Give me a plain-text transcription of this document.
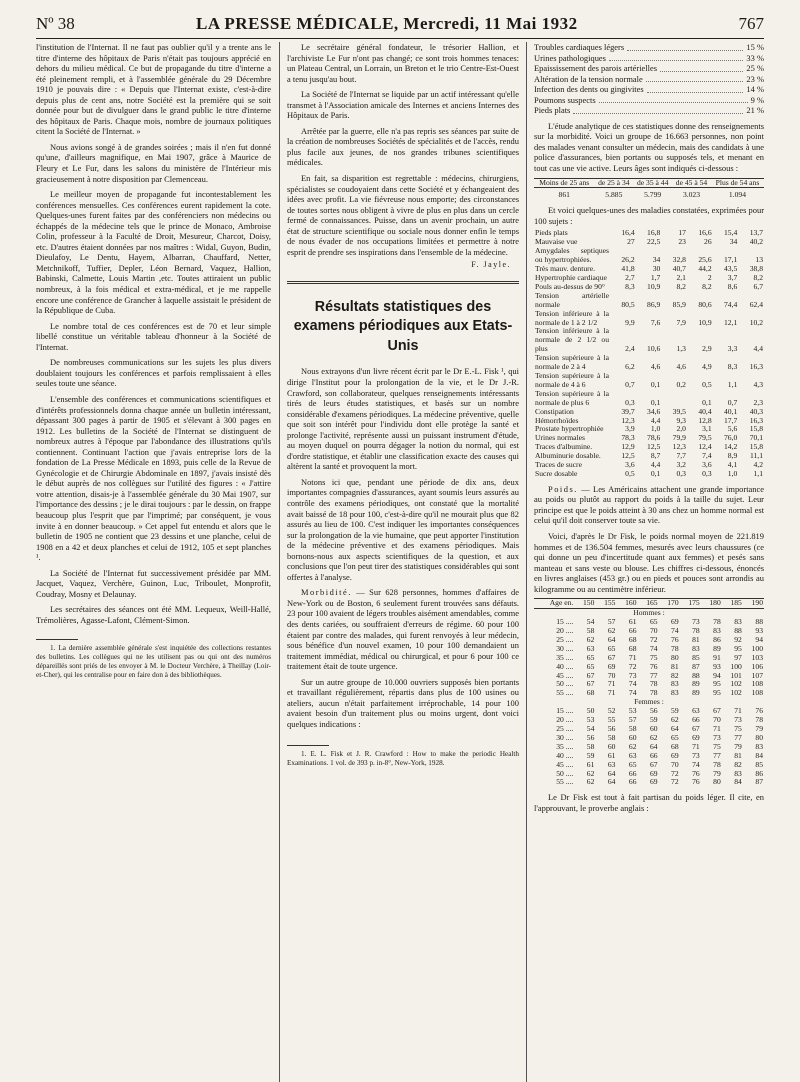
Nº 38	LA PRESSE MÉDICALE, Mercredi, 11 Mai 1932	767

l'institution de l'Internat. Il ne faut pas oublier qu'il y a trente ans le titre d'interne des hôpitaux de Paris n'était pas toujours apprécié en dehors du milieu médical. Ce but de propagande du titre d'interne a été pleinement rempli, et à l'assemblée générale du 29 Décembre 1910 je pouvais dire : « Depuis que l'Internat existe, c'est-à-dire depuis plus de cent ans, notre Société est la première qui se soit donnée pour but de divulguer dans le grand public le titre d'interne des hôpitaux de Paris. Chaque mois, nombre de journaux politiques citent la Société de l'Internat. »

Nous avions songé à de grandes soirées ; mais il n'en fut donné qu'une, d'ailleurs magnifique, en Mai 1907, grâce à Maurice de Fleury et Le Fur, dans les salons du ministère de l'Intérieur mis gracieusement à notre disposition par Clemenceau.

Le meilleur moyen de propagande fut incontestablement les conférences mensuelles. Ces conférences eurent rapidement la cote. Quelques-unes furent faites par des conférenciers non médecins ou échappés de la médecine tels que le prince de Monaco, Ambroise Colin, professeur à la Faculté de Droit, Mesureur, Charcot, Doisy, etc. D'autres étaient données par nos maîtres : Widal, Guyon, Budin, Dieulafoy, Le Dentu, Hayem, Albarran, Chauffard, Netter, Metchnikoff, Tuffier, Depler, Léon Bernard, Vaquez, Hallion, Babinski, Calmette, Louis Martin ,etc. Toutes attiraient un public nombreux, à la fois médical et extra-médical, et je me rappelle encore une conférence de Grancher à laquelle assistait le président de la République de Cuba.

Le nombre total de ces conférences est de 70 et leur simple libellé constitue un véritable tableau d'honneur à la Société de l'Internat.

De nombreuses communications sur les sujets les plus divers doublaient toujours les conférences et parfois remplissaient à elles seules toute une séance.

L'ensemble des conférences et communications scientifiques et d'intérêts professionnels donna chaque année un bulletin intéressant, dépassant 300 pages à partir de 1905 et s'élevant à 300 pages en 1912. Les bulletins de la Société de l'Internat se distinguent de nombreux autres à l'époque par l'abondance des illustrations qu'ils contiennent. Continuant l'action que j'avais entreprise lors de la fondation de La Presse Médicale en 1893, puis celle de la Revue de Gynécologie et de Chirurgie Abdominale en 1897, j'avais insisté dès le début auprès de nos collègues sur l'utilité des figures : « J'attire votre attention, disais-je à l'assemblée générale du 30 Mai 1907, sur l'importance des dessins ; je le dirai toujours : par le dessin, on frappe beaucoup plus l'esprit que par l'imprimé; par conséquent, je vous invite à en donner beaucoup. » Cet appel fut entendu et alors que le bulletin de 1905 ne contient que 23 dessins et une planche, celui de 1908 en a 42 et deux planches et celui de 1912, 105 et sept planches ¹.

La Société de l'Internat fut successivement présidée par MM. Jacquet, Vaquez, Verchère, Guinon, Luc, Triboulet, Monprofit, Coudray, Mosny et Delaunay.

Les secrétaires des séances ont été MM. Lequeux, Weill-Hallé, Trémolières, Agasse-Lafont, Clément-Simon.

1. La dernière assemblée générale s'est inquiétée des collections restantes des bulletins. Les collègues qui ne les utilisent pas ou qui ont des numéros dépareillés sont priés de les envoyer à M. le Docteur Verchère, à Theillay (Loir-et-Cher), qui les centralise pour en faire don à des bibliothèques.

Le secrétaire général fondateur, le trésorier Hallion, et l'archiviste Le Fur n'ont pas changé; ce sont trois hommes tenaces: un Plateau Central, un Lorrain, un Breton et le trio Centre-Est-Ouest a tenu jusqu'au bout.

La Société de l'Internat se liquide par un actif intéressant qu'elle transmet à l'Association amicale des Internes et anciens Internes des Hôpitaux de Paris.

Arrêtée par la guerre, elle n'a pas repris ses séances par suite de la création de nombreuses Sociétés de spécialités et de l'accès, rendu plus facile aux jeunes, de nos grandes tribunes scientifiques médicales.

En fait, sa disparition est regrettable : médecins, chirurgiens, spécialistes se coudoyaient dans cette Société et y échangeaient des idées avec profit. La vie fiévreuse nous emporte; des circonstances de toutes sortes nous obligent à vivre de plus en plus dans un cercle fermé de connaissances. Puisse, dans un avenir prochain, un autre état de structure scientifique ou sociale nous donner enfin le temps de nous évader de nos occupations limitées et permettre à notre esprit de prendre ses inspirations dans l'ensemble de la médecine.

F. Jayle.
Résultats statistiques des examens périodiques aux Etats-Unis

Nous extrayons d'un livre récent écrit par le Dr E.-L. Fisk ¹, qui dirige l'Institut pour la prolongation de la vie, et le Dr J.-R. Crawford, son collaborateur, quelques renseignements intéressants tirés de leurs études statistiques, et basés sur un nombre considérable d'examens périodiques. La médecine préventive, quelle que soit son intérêt pour l'individu dont elle protège la santé et prolonge l'activité, représente aussi un puissant instrument d'étude, au moyen duquel on pourra dégager la notion du normal, qui est d'ordre statistique, et établir une classification exacte des causes qui altèrent la santé et provoquent la mort.

Notons ici que, pendant une période de dix ans, deux importantes compagnies d'assurances, ayant soumis leurs assurés au contrôle des examens périodiques, ont constaté que la mortalité avait baissé de 18 pour 100, c'est-à-dire qu'il ne mourait plus que 82 assurés au lieu de 100. C'est indiquer les importantes conséquences sur la prolongation de la vie humaine, que peut apporter l'institution de la médecine préventive et des examens périodiques. Mais bornons-nous aux aspects scientifiques de la question, et aux conclusions que l'on peut tirer des statistiques considérables qui sont offertes à l'analyse.

Morbidité. — Sur 628 personnes, hommes d'affaires de New-York ou de Boston, 6 seulement furent trouvées sans défauts. 23 pour 100 avaient de légers troubles aisément amendables, comme des dents cariées, ou souffraient d'erreurs de régime. 60 pour 100 étaient par contre des malades, qui furent renvoyés à leur médecin, sous bénéfice d'un nouvel examen, 10 pour 100 demandaient un traitement immédiat, médical ou chirurgical, et pour 6 pour 100 ce traitement était de toute urgence.

Sur un autre groupe de 10.000 ouvriers supposés bien portants et travaillant régulièrement, répartis dans plus de 100 usines ou ateliers, aucun n'était parfaitement irréprochable, 14 pour 100 avaient besoin d'un traitement plus ou moins urgent, dont voici quelques indications :

1. E. L. Fisk et J. R. Crawford : How to make the periodic Health Examinations. 1 vol. de 393 p. in-8°, New-York, 1928.

Troubles cardiaques légers	15 %
Urines pathologiques	33 %
Epaississement des parois artérielles	25 %
Altération de la tension normale	23 %
Infection des dents ou gingivites	14 %
Poumons suspects	9 %
Pieds plats	21 %

L'étude analytique de ces statistiques donne des renseignements sur la morbidité. Voici un groupe de 16.663 personnes, non point des malades venant consulter un médecin, mais des candidats à une police d'assurances, bien portants ou supposés tels, et menant en tout cas une vie active. Leurs âges sont indiqués ci-dessous :

Moins de 25 ans	de 25 à 34	de 35 à 44	de 45 à 54	Plus de 54 ans
861	5.885	5.799	3.023	1.094

Et voici quelques-unes des maladies constatées, exprimées pour 100 sujets :

Pieds plats	16,4	16,8	17	16,6	15,4	13,7
Mauvaise vue	27	22,5	23	26	34	40,2
Amygdales septiques ou hypertrophiées.	26,2	34	32,8	25,6	17,1	13
Très mauv. denture.	41,8	30	40,7	44,2	43,5	38,8
Hypertrophie cardiaque	2,7	1,7	2,1	2	3,7	8,2
Pouls au-dessus de 90°	8,3	10,9	8,2	8,2	8,6	6,7
Tension artérielle normale	80,5	86,9	85,9	80,6	74,4	62,4
Tension inférieure à la normale de 1 à 2 1/2	9,9	7,6	7,9	10,9	12,1	10,2
Tension inférieure à la normale de 2 1/2 ou plus	2,4	10,6	1,3	2,9	3,3	4,4
Tension supérieure à la normale de 2 à 4	6,2	4,6	4,6	4,9	8,3	16,3
Tension supérieure à la normale de 4 à 6	0,7	0,1	0,2	0,5	1,1	4,3
Tension supérieure à la normale de plus 6	0,3	0,1		0,1	0,7	2,3
Constipation	39,7	34,6	39,5	40,4	40,1	40,3
Hémorrhoïdes	12,3	4,4	9,3	12,8	17,7	16,3
Prostate hypertrophiée	3,9	1,0	2,0	3,1	5,6	15,8
Urines normales	78,3	78,6	79,9	79,5	76,0	70,1
Traces d'albumine.	12,9	12,5	12,3	12,4	14,2	15,8
Albuminurie dosable.	12,5	8,7	7,7	7,4	8,9	11,1
Traces de sucre	3,6	4,4	3,2	3,6	4,1	4,2
Sucre dosable	0,5	0,1	0,3	0,3	1,0	1,1

Poids. — Les Américains attachent une grande importance au poids ou plutôt au rapport du poids à la taille du sujet. Leur principe est que le poids atteint à 30 ans chez un homme normal est celui qu'il doit conserver toute sa vie.

Voici, d'après le Dr Fisk, le poids normal moyen de 221.819 hommes et de 136.504 femmes, mesurés avec leurs chaussures (ce qui donne un peu d'incertitude quant aux femmes) et pesés sans manteau et sans veste ou blouse. Les chiffres ci-dessous, énoncés en livres anglaises (453 gr.) ou en pieds et pouces sont arrondis au kilogramme ou au centimètre inférieur.

Age en.	150	155	160	165	170	175	180	185	190
Hommes :									
15 ....	54	57	61	65	69	73	78	83	88
20 ....	58	62	66	70	74	78	83	88	93
25 ....	62	64	68	72	76	81	86	92	94
30 ....	63	65	68	74	78	83	89	95	100
35 ....	65	67	71	75	80	85	91	97	103
40 ....	65	69	72	76	81	87	93	100	106
45 ....	67	70	73	77	82	88	94	101	107
50 ....	67	71	74	78	83	89	95	102	108
55 ....	68	71	74	78	83	89	95	102	108
Femmes :									
15 ....	50	52	53	56	59	63	67	71	76
20 ....	53	55	57	59	62	66	70	73	78
25 ....	54	56	58	60	64	67	71	75	79
30 ....	56	58	60	62	65	69	73	77	80
35 ....	58	60	62	64	68	71	75	79	83
40 ....	59	61	63	66	69	73	77	81	84
45 ....	61	63	65	67	70	74	78	82	85
50 ....	62	64	66	69	72	76	79	83	86
55 ....	62	64	66	69	72	76	80	84	87

Le Dr Fisk est tout à fait partisan du poids léger. Il cite, en l'approuvant, le proverbe anglais :
